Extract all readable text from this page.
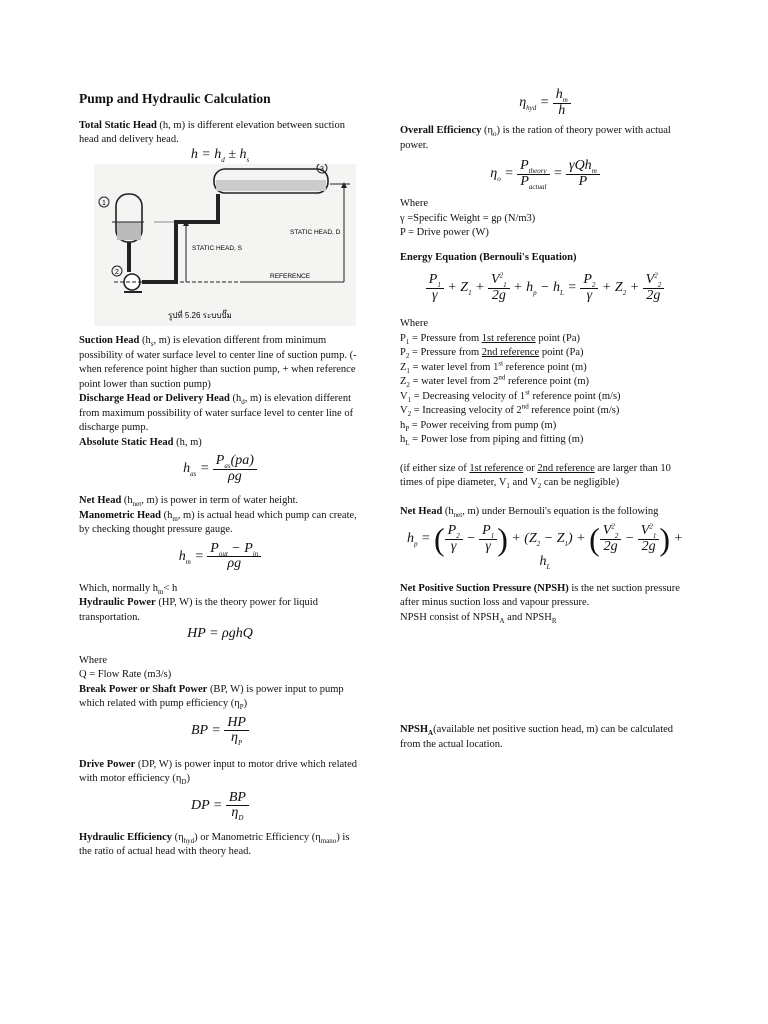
Pump and Hydraulic Calculation

Total Static Head (h, m) is different elevation between suction head and delivery head.

$h = h_d \pm h_s$
1
2
3
STATIC HEAD, S
STATIC HEAD, D
REFERENCE
รูปที่ 5.26 ระบบปั๊ม

Suction Head ($h_s$, m) is elevation different from minimum possibility of water surface level to center line of suction pump. (- when reference point higher than suction pump, + when reference point lower than suction pump)

Discharge Head or Delivery Head ($h_d$, m) is elevation different from maximum possibility of water surface level to center line of discharge pump.

Absolute Static Head (h, m)

$h_{as} = \frac{P_{as}(pa)}{\rho g}$

Net Head ($h_{net}$, m) is power in term of water height.

Manometric Head ($h_m$, m) is actual head which pump can create, by checking thought pressure gauge.

$h_m = \frac{P_{out} - P_{in}}{\rho g}$

Which, normally $h_m< h$

Hydraulic Power (HP, W) is the theory power for liquid transportation.

HP = ρghQ

Where

Q = Flow Rate (m3/s)

Break Power or Shaft Power (BP, W) is power input to pump which related with pump efficiency $(\eta_P)$

BP = $\frac{HP}{\eta_P}$

Drive Power (DP, W) is power input to motor drive which related with motor efficiency $(\eta_D)$

DP = $\frac{BP}{\eta_D}$

Hydraulic Efficiency $(\eta_{hyd})$ or Manometric Efficiency $(\eta_{mano})$ is the ratio of actual head with theory head.

$\eta_{hyd} = \frac{h_m}{h}$

Overall Efficiency $(\eta_o)$ is the ration of theory power with actual power.

$\eta_o = \frac{P_{theory}}{P_{actual}} = \frac{\gamma Qh_m}{P}$

Where

γ =Specific Weight = gρ (N/m3)

P = Drive power (W)

Energy Equation (Bernouli's Equation)

$\frac{P_1}{\gamma} + Z_1 + \frac{V^2_1}{2g} + h_p - h_L = \frac{P_2}{\gamma} + Z_2 + \frac{V^2_2}{2g}$

Where

$P_1$ = Pressure from 1st reference point (Pa)

$P_2$ = Pressure from 2nd reference point (Pa)

$Z_1$ = water level from 1st reference point (m)

$Z_2$ = water level from 2nd reference point (m)

$V_1$ = Decreasing velocity of 1st reference point (m/s)

$V_2$ = Increasing velocity of 2nd reference point (m/s)

$h_P$ = Power receiving from pump (m)

$h_L$ = Power lose from piping and fitting (m)

(if either size of 1st reference or 2nd reference are larger than 10 times of pipe diameter, $V_1$ and $V_2$ can be negligible)

Net Head ($h_{net}$, m) under Bernouli's equation is the following

$h_p$ = ( $\frac{P_2}{\gamma} - \frac{P_1}{\gamma}$ ) + $(Z_2 - Z_1)$ + ( $\frac{V^2_2}{2g} - \frac{V^2_1}{2g}$ ) + $h_L$

Net Positive Suction Pressure (NPSH) is the net suction pressure after minus suction loss and vapour pressure.

NPSH consist of $NPSH_A$ and $NPSH_R$

$NPSH_A(available$ net positive suction head, m) can be calculated from the actual location.
